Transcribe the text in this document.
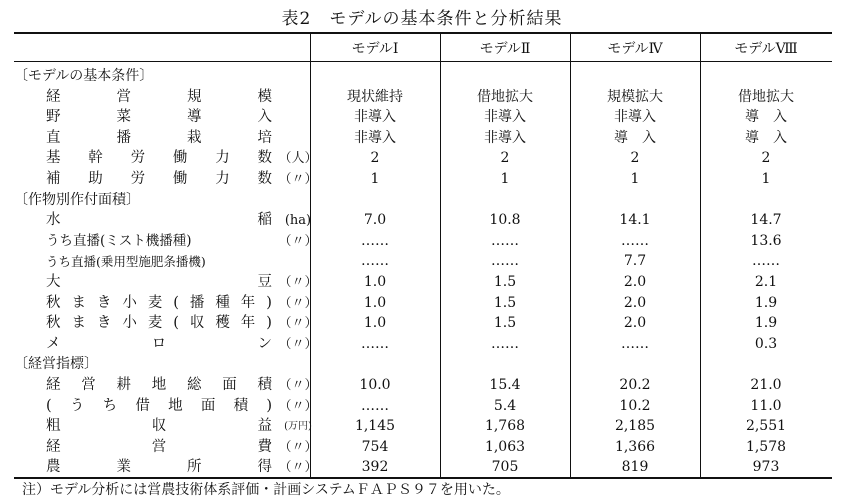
表2　モデルの基本条件と分析結果
モデルⅠ	モデルⅡ	モデルⅣ	モデルⅧ
〔モデルの基本条件〕
経	営	規	模	現状維持	借地拡大	規模拡大	借地拡大
野	菜	導	入	非導入	非導入	非導入	導　入
直	播	栽	培	非導入	非導入	導　入	導　入
基 幹 労 働 力 数 （人）	2	2	2	2
補 助 労 働 力 数 （〃）	1	1	1	1
〔作物別作付面積〕
水	稲 (ha)	7.0	10.8	14.1	14.7
うち直播(ミスト機播種)	（〃）	……	……	……	13.6
うち直播(乗用型施肥条播機)	……	……	7.7	……
大	豆 （〃）	1.0	1.5	2.0	2.1
秋 ま き 小 麦 ( 播 種 年 ) （〃）	1.0	1.5	2.0	1.9
秋 ま き 小 麦 ( 収 穫 年 ) （〃）	1.0	1.5	2.0	1.9
メ	ロ	ン （〃）	……	……	……	0.3
〔経営指標〕
経 営 耕 地 総 面 積 （〃）	10.0	15.4	20.2	21.0
( う ち 借 地 面 積 ) （〃）	……	5.4	10.2	11.0
粗	収	益	(万円)	1,145	1,768	2,185	2,551
経	営	費 （〃）	754	1,063	1,366	1,578
農	業	所	得 （〃）	392	705	819	973
注）モデル分析には営農技術体系評価・計画システムＦＡＰＳ９７を用いた。
